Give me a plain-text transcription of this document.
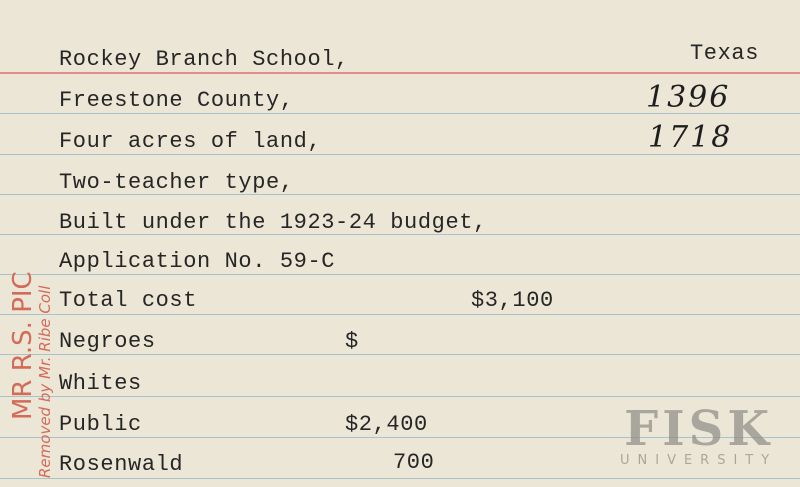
Rockey Branch School,	Texas
Freestone County,
Four acres of land,
Two-teacher type,
Built under the 1923-24 budget,
Application No. 59-C
1396
1718
Total cost	$3,100
Negroes	$
Whites
Public	$2,400
Rosenwald	700
MR R.S. PIC
Removed by Mr. Ribe Coll	FISK
UNIVERSITY
